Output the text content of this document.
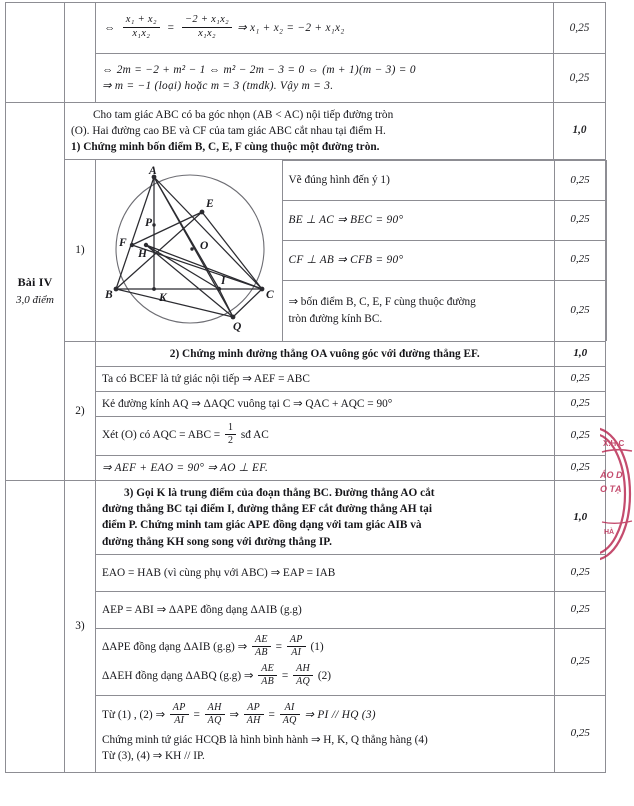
		⇔ $\frac{\text{x₁ + x₂}}{\text{x₁x₂}} = \frac{\text{−2 + x₁x₂}}{\text{x₁x₂}}$ ⇒ x₁ + x₂ = −2 + x₁x₂	0,25

⇔ 2m = −2 + m² − 1 ⇔ m² − 2m − 3 = 0 ⇔ (m + 1)(m − 3) = 0
⇒ m = −1 (loại) hoặc m = 3 (tmdk). Vậy m = 3.
	0,25

Bài IV
3,0 điểm

Cho tam giác ABC có ba góc nhọn (AB < AC) nội tiếp đường tròn
(O). Hai đường cao BE và CF của tam giác ABC cắt nhau tại điểm H.
1) Chứng minh bốn điểm B, C, E, F cùng thuộc một đường tròn.
	1,0
1)	
A
B	C
E
F
H
O
I
Q
K
P
	Vẽ đúng hình đến ý 1)	0,25
BE ⊥ AC ⇒ BEC = 90°	0,25
CF ⊥ AB ⇒ CFB = 90°	0,25

⇒ bốn điểm B, C, E, F cùng thuộc đường
tròn đường kính BC.
	0,25

2)	
2) Chứng minh đường thẳng OA vuông góc với đường thẳng EF.	1,0
Ta có BCEF là tứ giác nội tiếp ⇒ AEF = ABC	0,25
Kẻ đường kính AQ ⇒ ΔAQC vuông tại C ⇒ QAC + AQC = 90°	0,25
Xét (O) có AQC = ABC = $\frac{1}{2}$ sđ AC	0,25
⇒ AEF + EAO = 90° ⇒ AO ⊥ EF.	0,25

	3)	
3) Gọi K là trung điểm của đoạn thẳng BC. Đường thẳng AO cắt
đường thẳng BC tại điểm I, đường thẳng EF cắt đường thẳng AH tại
điểm P. Chứng minh tam giác APE đồng dạng với tam giác AIB và
đường thẳng KH song song với đường thẳng IP.
	1,0
EAO = HAB (vì cùng phụ với ABC) ⇒ EAP = IAB	0,25
AEP = ABI ⇒ ΔAPE đồng dạng ΔAIB (g.g)	0,25

ΔAPE đồng dạng ΔAIB (g.g) ⇒ $\frac{AE}{AB} = \frac{AP}{AI} (1)$
ΔAEH đồng dạng ΔABQ (g.g) ⇒ $\frac{AE}{AB} = \frac{AH}{AQ} (2)$
	0,25

Từ (1) , (2) ⇒ $\frac{AP}{AI} = \frac{AH}{AQ}$ ⇒ $\frac{AP}{AH} = \frac{AI}{AQ}$ ⇒ PI // HQ (3)
Chứng minh tứ giác HCQB là hình bình hành ⇒ H, K, Q thẳng hàng (4)
Từ (3), (4) ⇒ KH // IP.
	0,25
X.H.C
ÁO D
O TẠ
HÀ
